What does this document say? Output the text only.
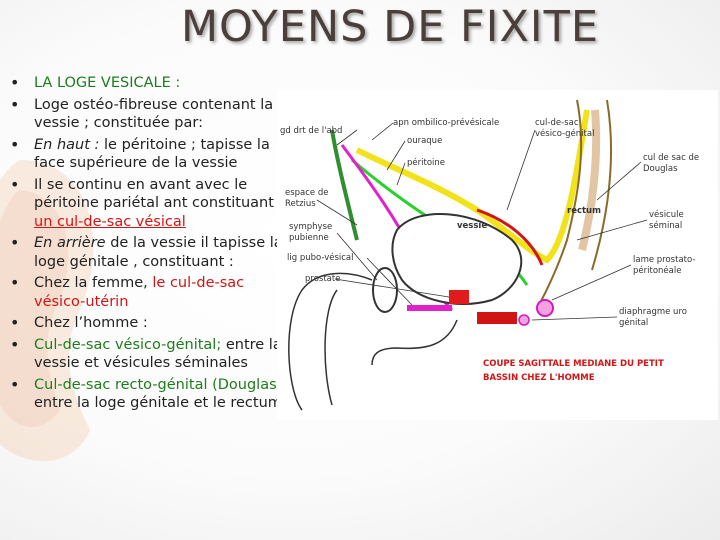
MOYENS DE FIXITE
• LA LOGE VESICALE :
• Loge ostéo-fibreuse contenant la vessie ; constituée par:
• En haut : le péritoine ; tapisse la face supérieure de la vessie
• Il se continu en avant avec le péritoine pariétal ant constituant un cul-de-sac vésical
• En arrière de la vessie il tapisse la loge génitale , constituant :
• Chez la femme, le cul-de-sac vésico-utérin
• Chez l’homme :
• Cul-de-sac vésico-génital; entre la vessie et vésicules séminales
• Cul-de-sac recto-génital (Douglas) entre la loge génitale et le rectum
gd drt de l'abd
apn ombilico-prévésicale
ouraque
péritoine
espace de
Retzius
symphyse
pubienne
lig pubo-vésical
prostate
vessie
cul-de-sac
vésico-génital
rectum
cul de sac de
Douglas
vésicule
séminal
lame prostato-
péritonéale
diaphragme uro
génital
COUPE SAGITTALE MEDIANE DU PETIT
BASSIN CHEZ L'HOMME
